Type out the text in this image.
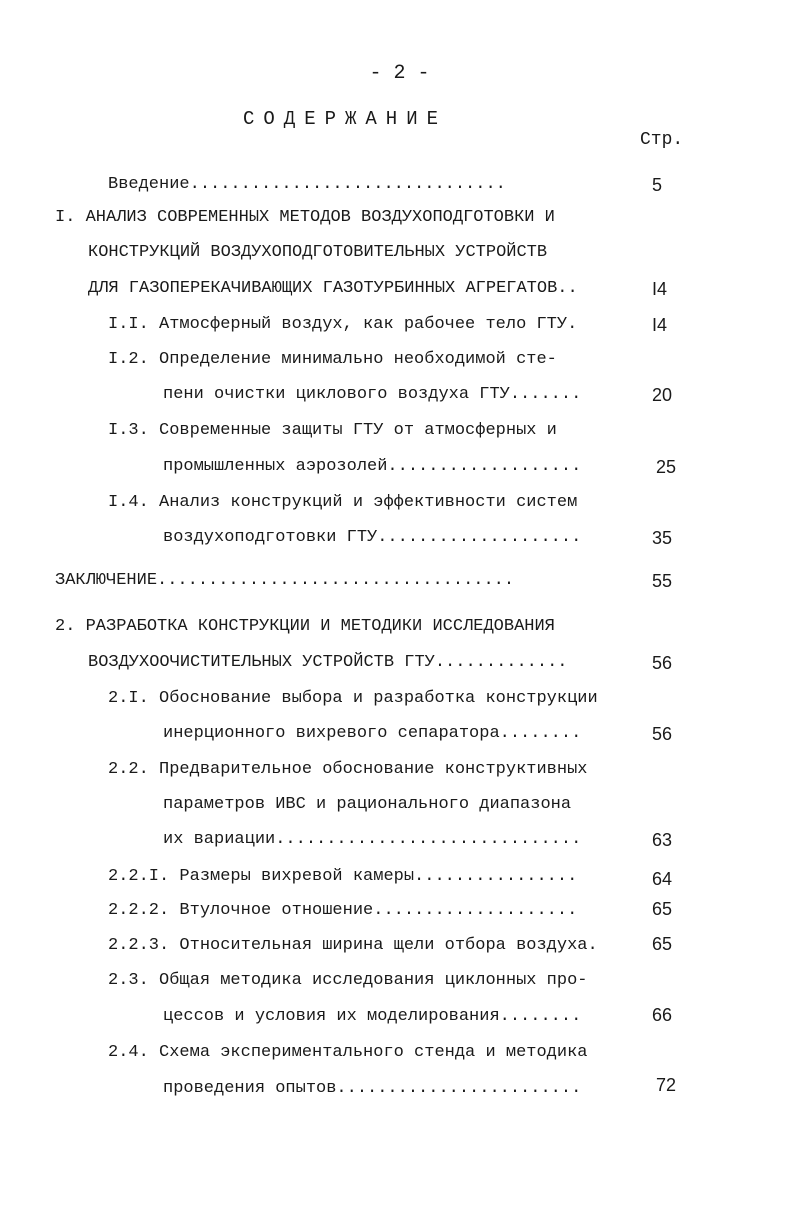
- 2 -
СОДЕРЖАНИЕ
Стр.
Введение...............................	5
I. АНАЛИЗ СОВРЕМЕННЫХ МЕТОДОВ ВОЗДУХОПОДГОТОВКИ И
КОНСТРУКЦИЙ ВОЗДУХОПОДГОТОВИТЕЛЬНЫХ УСТРОЙСТВ
ДЛЯ ГАЗОПЕРЕКАЧИВАЮЩИХ ГАЗОТУРБИННЫХ АГРЕГАТОВ..	I4
I.I. Атмосферный воздух, как рабочее тело ГТУ.	I4
I.2. Определение минимально необходимой сте-
пени очистки циклового воздуха ГТУ.......	20
I.3. Современные защиты ГТУ от атмосферных и
промышленных аэрозолей...................	25
I.4. Анализ конструкций и эффективности систем
воздухоподготовки ГТУ....................	35
ЗАКЛЮЧЕНИЕ...................................	55
2. РАЗРАБОТКА КОНСТРУКЦИИ И МЕТОДИКИ ИССЛЕДОВАНИЯ
ВОЗДУХООЧИСТИТЕЛЬНЫХ УСТРОЙСТВ ГТУ.............	56
2.I. Обоснование выбора и разработка конструкции
инерционного вихревого сепаратора........	56
2.2. Предварительное обоснование конструктивных
параметров ИВС и рационального диапазона
их вариации..............................	63
2.2.I. Размеры вихревой камеры................	64
2.2.2. Втулочное отношение....................	65
2.2.3. Относительная ширина щели отбора воздуха.	65
2.3. Общая методика исследования циклонных про-
цессов и условия их моделирования........	66
2.4. Схема экспериментального стенда и методика
проведения опытов........................	72
